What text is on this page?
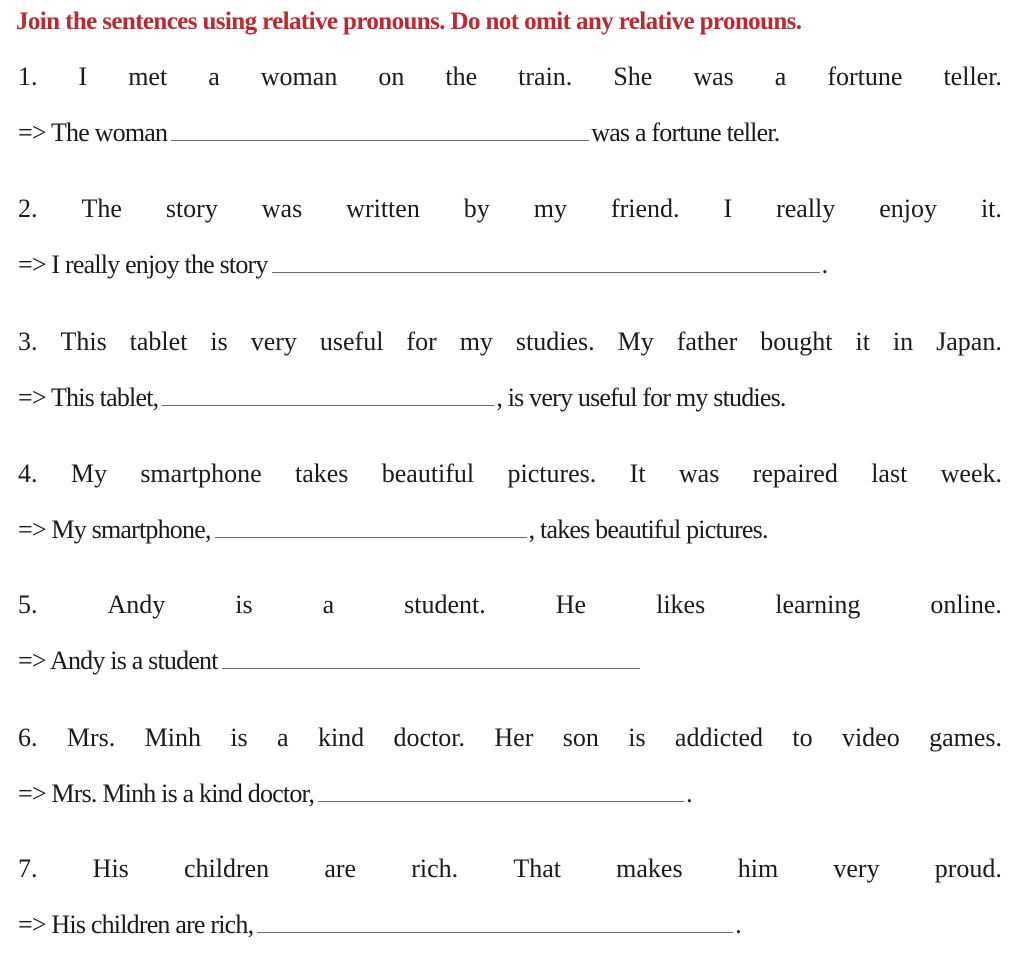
Join the sentences using relative pronouns. Do not omit any relative pronouns.
1. I met a woman on the train. She was a fortune teller.
=> The woman	was a fortune teller.
2. The story was written by my friend. I really enjoy it.
=> I really enjoy the story	.
3. This tablet is very useful for my studies. My father bought it in Japan.
=> This tablet,	, is very useful for my studies.
4. My smartphone takes beautiful pictures. It was repaired last week.
=> My smartphone,	, takes beautiful pictures.
5.	Andy	is	a	student.	He	likes	learning	online.
=> Andy is a student
6. Mrs. Minh is a kind doctor. Her son is addicted to video games.
=> Mrs. Minh is a kind doctor,	.
7. His children are rich. That makes him very proud.
=> His children are rich,	.
